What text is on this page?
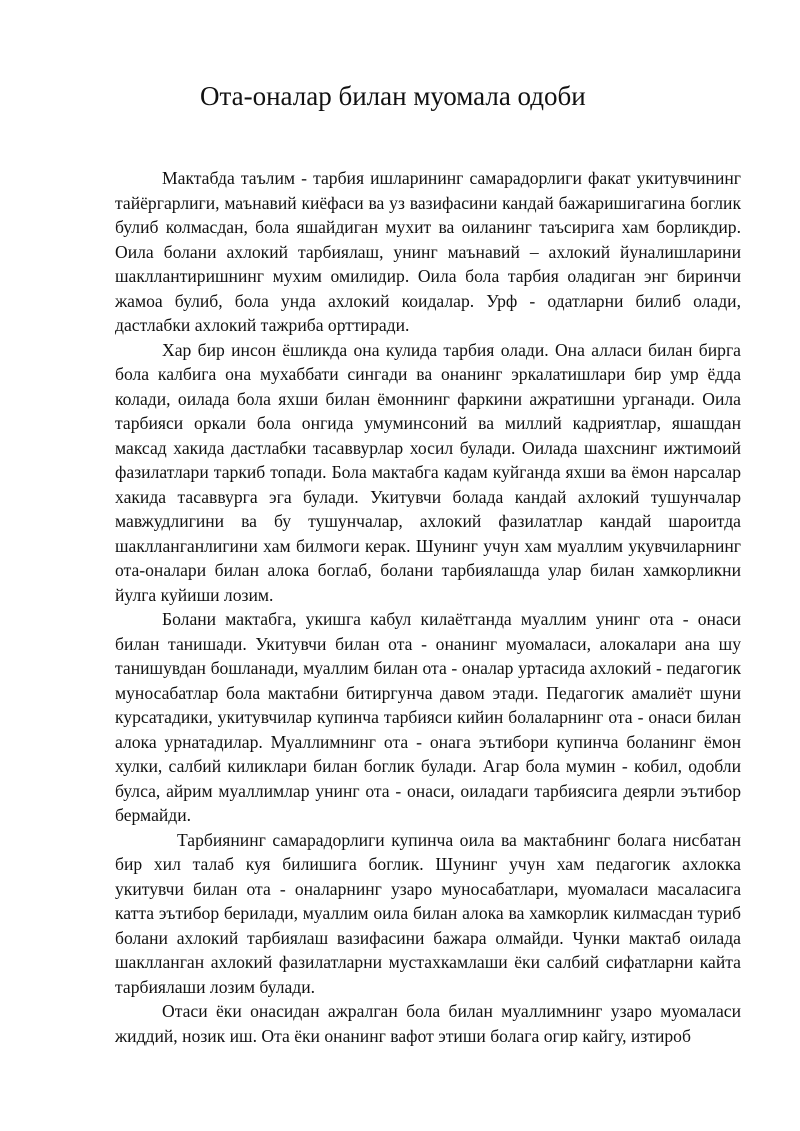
Ота-оналар билан муомала одоби

Мактабда таълим - тарбия ишларининг самарадорлиги факат укитувчининг тайёргарлиги, маънавий киёфаси ва уз вазифасини кандай бажаришигагина боглик булиб колмасдан, бола яшайдиган мухит ва оиланинг таъсирига хам борликдир. Оила болани ахлокий тарбиялаш, унинг маънавий – ахлокий йуналишларини шакллантиришнинг мухим омилидир. Оила бола тарбия оладиган энг биринчи жамоа булиб, бола унда ахлокий коидалар. Урф - одатларни билиб олади, дастлабки ахлокий тажриба орттиради.

Хар бир инсон ёшликда она кулида тарбия олади. Она алласи билан бирга бола калбига она мухаббати сингади ва онанинг эркалатишлари бир умр ёдда колади, оилада бола яхши билан ёмоннинг фаркини ажратишни урганади. Оила тарбияси оркали бола онгида умуминсоний ва миллий кадриятлар, яшашдан максад хакида дастлабки тасаввурлар хосил булади. Оилада шахснинг ижтимоий фазилатлари таркиб топади. Бола мактабга кадам куйганда яхши ва ёмон нарсалар хакида тасаввурга эга булади. Укитувчи болада кандай ахлокий тушунчалар мавжудлигини ва бу тушунчалар, ахлокий фазилатлар кандай шароитда шаклланганлигини хам билмоги керак. Шунинг учун хам муаллим укувчиларнинг ота-оналари билан алока боглаб, болани тарбиялашда улар билан хамкорликни йулга куйиши лозим.

Болани мактабга, укишга кабул килаётганда муаллим унинг ота - онаси билан танишади. Укитувчи билан ота - онанинг муомаласи, алокалари ана шу танишувдан бошланади, муаллим билан ота - оналар уртасида ахлокий - педагогик муносабатлар бола мактабни битиргунча давом этади. Педагогик амалиёт шуни курсатадики, укитувчилар купинча тарбияси кийин болаларнинг ота - онаси билан алока урнатадилар. Муаллимнинг ота - онага эътибори купинча боланинг ёмон хулки, салбий киликлари билан боглик булади. Агар бола мумин - кобил, одобли булса, айрим муаллимлар унинг ота - онаси, оиладаги тарбиясига деярли эътибор бермайди.

Тарбиянинг самарадорлиги купинча оила ва мактабнинг болага нисбатан бир хил талаб куя билишига боглик. Шунинг учун хам педагогик ахлокка укитувчи билан ота - оналарнинг узаро муносабатлари, муомаласи масаласига катта эътибор берилади, муаллим оила билан алока ва хамкорлик килмасдан туриб болани ахлокий тарбиялаш вазифасини бажара олмайди. Чунки мактаб оилада шаклланган ахлокий фазилатларни мустахкамлаши ёки салбий сифатларни кайта тарбиялаши лозим булади.

Отаси ёки онасидан ажралган бола билан муаллимнинг узаро муомаласи жиддий, нозик иш. Ота ёки онанинг вафот этиши болага огир кайгу, изтироб
